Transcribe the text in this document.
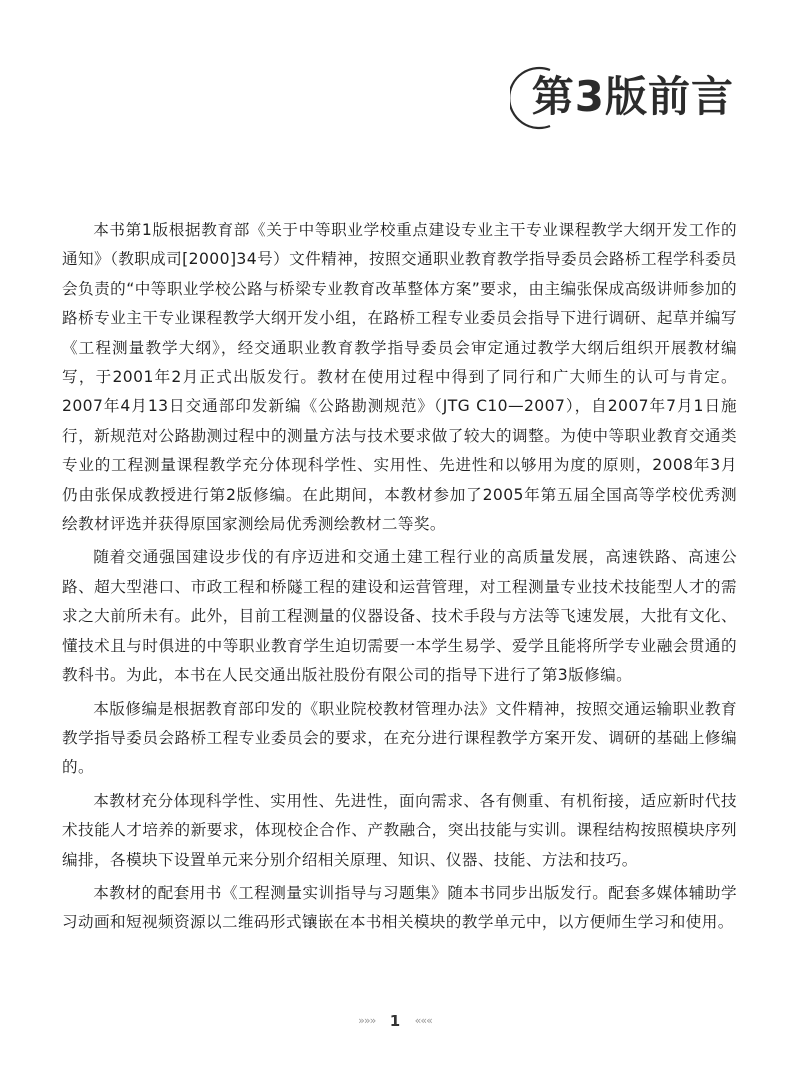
第3版前言

本书第1版根据教育部《关于中等职业学校重点建设专业主干专业课程教学大纲开发工作的通知》（教职成司[2000]34号）文件精神，按照交通职业教育教学指导委员会路桥工程学科委员会负责的“中等职业学校公路与桥梁专业教育改革整体方案”要求，由主编张保成高级讲师参加的路桥专业主干专业课程教学大纲开发小组，在路桥工程专业委员会指导下进行调研、起草并编写《工程测量教学大纲》，经交通职业教育教学指导委员会审定通过教学大纲后组织开展教材编写，于2001年2月正式出版发行。教材在使用过程中得到了同行和广大师生的认可与肯定。2007年4月13日交通部印发新编《公路勘测规范》（JTG C10—2007），自2007年7月1日施行，新规范对公路勘测过程中的测量方法与技术要求做了较大的调整。为使中等职业教育交通类专业的工程测量课程教学充分体现科学性、实用性、先进性和以够用为度的原则，2008年3月仍由张保成教授进行第2版修编。在此期间，本教材参加了2005年第五届全国高等学校优秀测绘教材评选并获得原国家测绘局优秀测绘教材二等奖。

随着交通强国建设步伐的有序迈进和交通土建工程行业的高质量发展，高速铁路、高速公路、超大型港口、市政工程和桥隧工程的建设和运营管理，对工程测量专业技术技能型人才的需求之大前所未有。此外，目前工程测量的仪器设备、技术手段与方法等飞速发展，大批有文化、懂技术且与时俱进的中等职业教育学生迫切需要一本学生易学、爱学且能将所学专业融会贯通的教科书。为此，本书在人民交通出版社股份有限公司的指导下进行了第3版修编。

本版修编是根据教育部印发的《职业院校教材管理办法》文件精神，按照交通运输职业教育教学指导委员会路桥工程专业委员会的要求，在充分进行课程教学方案开发、调研的基础上修编的。

本教材充分体现科学性、实用性、先进性，面向需求、各有侧重、有机衔接，适应新时代技术技能人才培养的新要求，体现校企合作、产教融合，突出技能与实训。课程结构按照模块序列编排，各模块下设置单元来分别介绍相关原理、知识、仪器、技能、方法和技巧。

本教材的配套用书《工程测量实训指导与习题集》随本书同步出版发行。配套多媒体辅助学习动画和短视频资源以二维码形式镶嵌在本书相关模块的教学单元中，以方便师生学习和使用。

»»» 1 «««
